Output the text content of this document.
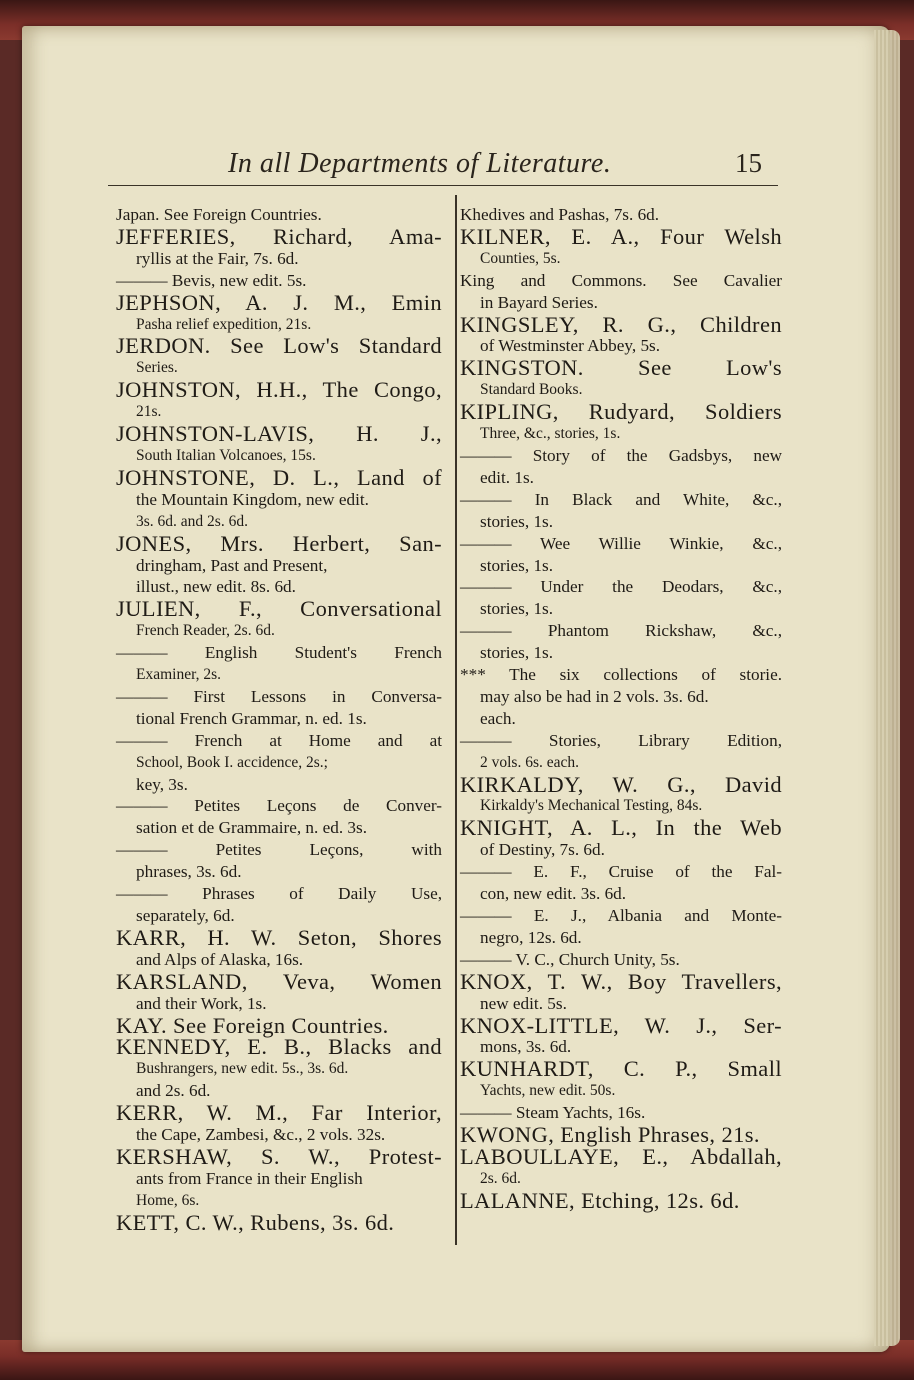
In all Departments of Literature.	15

Japan. See Foreign Countries.

JEFFERIES, Richard, Ama-
ryllis at the Fair, 7s. 6d.

——— Bevis, new edit. 5s.

JEPHSON, A. J. M., Emin
Pasha relief expedition, 21s.

JERDON. See Low's Standard
Series.

JOHNSTON, H.H., The Congo,
21s.

JOHNSTON-LAVIS, H. J.,
South Italian Volcanoes, 15s.

JOHNSTONE, D. L., Land of
the Mountain Kingdom, new edit.
3s. 6d. and 2s. 6d.

JONES, Mrs. Herbert, San-
dringham, Past and Present,
illust., new edit. 8s. 6d.

JULIEN, F., Conversational
French Reader, 2s. 6d.

——— English Student's French
Examiner, 2s.

——— First Lessons in Conversa-
tional French Grammar, n. ed. 1s.

——— French at Home and at
School, Book I. accidence, 2s.;
key, 3s.

——— Petites Leçons de Conver-
sation et de Grammaire, n. ed. 3s.

——— Petites Leçons, with
phrases, 3s. 6d.

——— Phrases of Daily Use,
separately, 6d.

KARR, H. W. Seton, Shores
and Alps of Alaska, 16s.

KARSLAND, Veva, Women
and their Work, 1s.

KAY. See Foreign Countries.

KENNEDY, E. B., Blacks and
Bushrangers, new edit. 5s., 3s. 6d.
and 2s. 6d.

KERR, W. M., Far Interior,
the Cape, Zambesi, &c., 2 vols. 32s.

KERSHAW, S. W., Protest-
ants from France in their English
Home, 6s.

KETT, C. W., Rubens, 3s. 6d.

Khedives and Pashas, 7s. 6d.

KILNER, E. A., Four Welsh
Counties, 5s.

King and Commons. See Cavalier
in Bayard Series.

KINGSLEY, R. G., Children
of Westminster Abbey, 5s.

KINGSTON. See Low's
Standard Books.

KIPLING, Rudyard, Soldiers
Three, &c., stories, 1s.

——— Story of the Gadsbys, new
edit. 1s.

——— In Black and White, &c.,
stories, 1s.

——— Wee Willie Winkie, &c.,
stories, 1s.

——— Under the Deodars, &c.,
stories, 1s.

——— Phantom Rickshaw, &c.,
stories, 1s.

*** The six collections of storie.
may also be had in 2 vols. 3s. 6d.
each.

——— Stories, Library Edition,
2 vols. 6s. each.

KIRKALDY, W. G., David
Kirkaldy's Mechanical Testing, 84s.

KNIGHT, A. L., In the Web
of Destiny, 7s. 6d.

——— E. F., Cruise of the Fal-
con, new edit. 3s. 6d.

——— E. J., Albania and Monte-
negro, 12s. 6d.

——— V. C., Church Unity, 5s.

KNOX, T. W., Boy Travellers,
new edit. 5s.

KNOX-LITTLE, W. J., Ser-
mons, 3s. 6d.

KUNHARDT, C. P., Small
Yachts, new edit. 50s.

——— Steam Yachts, 16s.

KWONG, English Phrases, 21s.

LABOULLAYE, E., Abdallah,
2s. 6d.

LALANNE, Etching, 12s. 6d.
